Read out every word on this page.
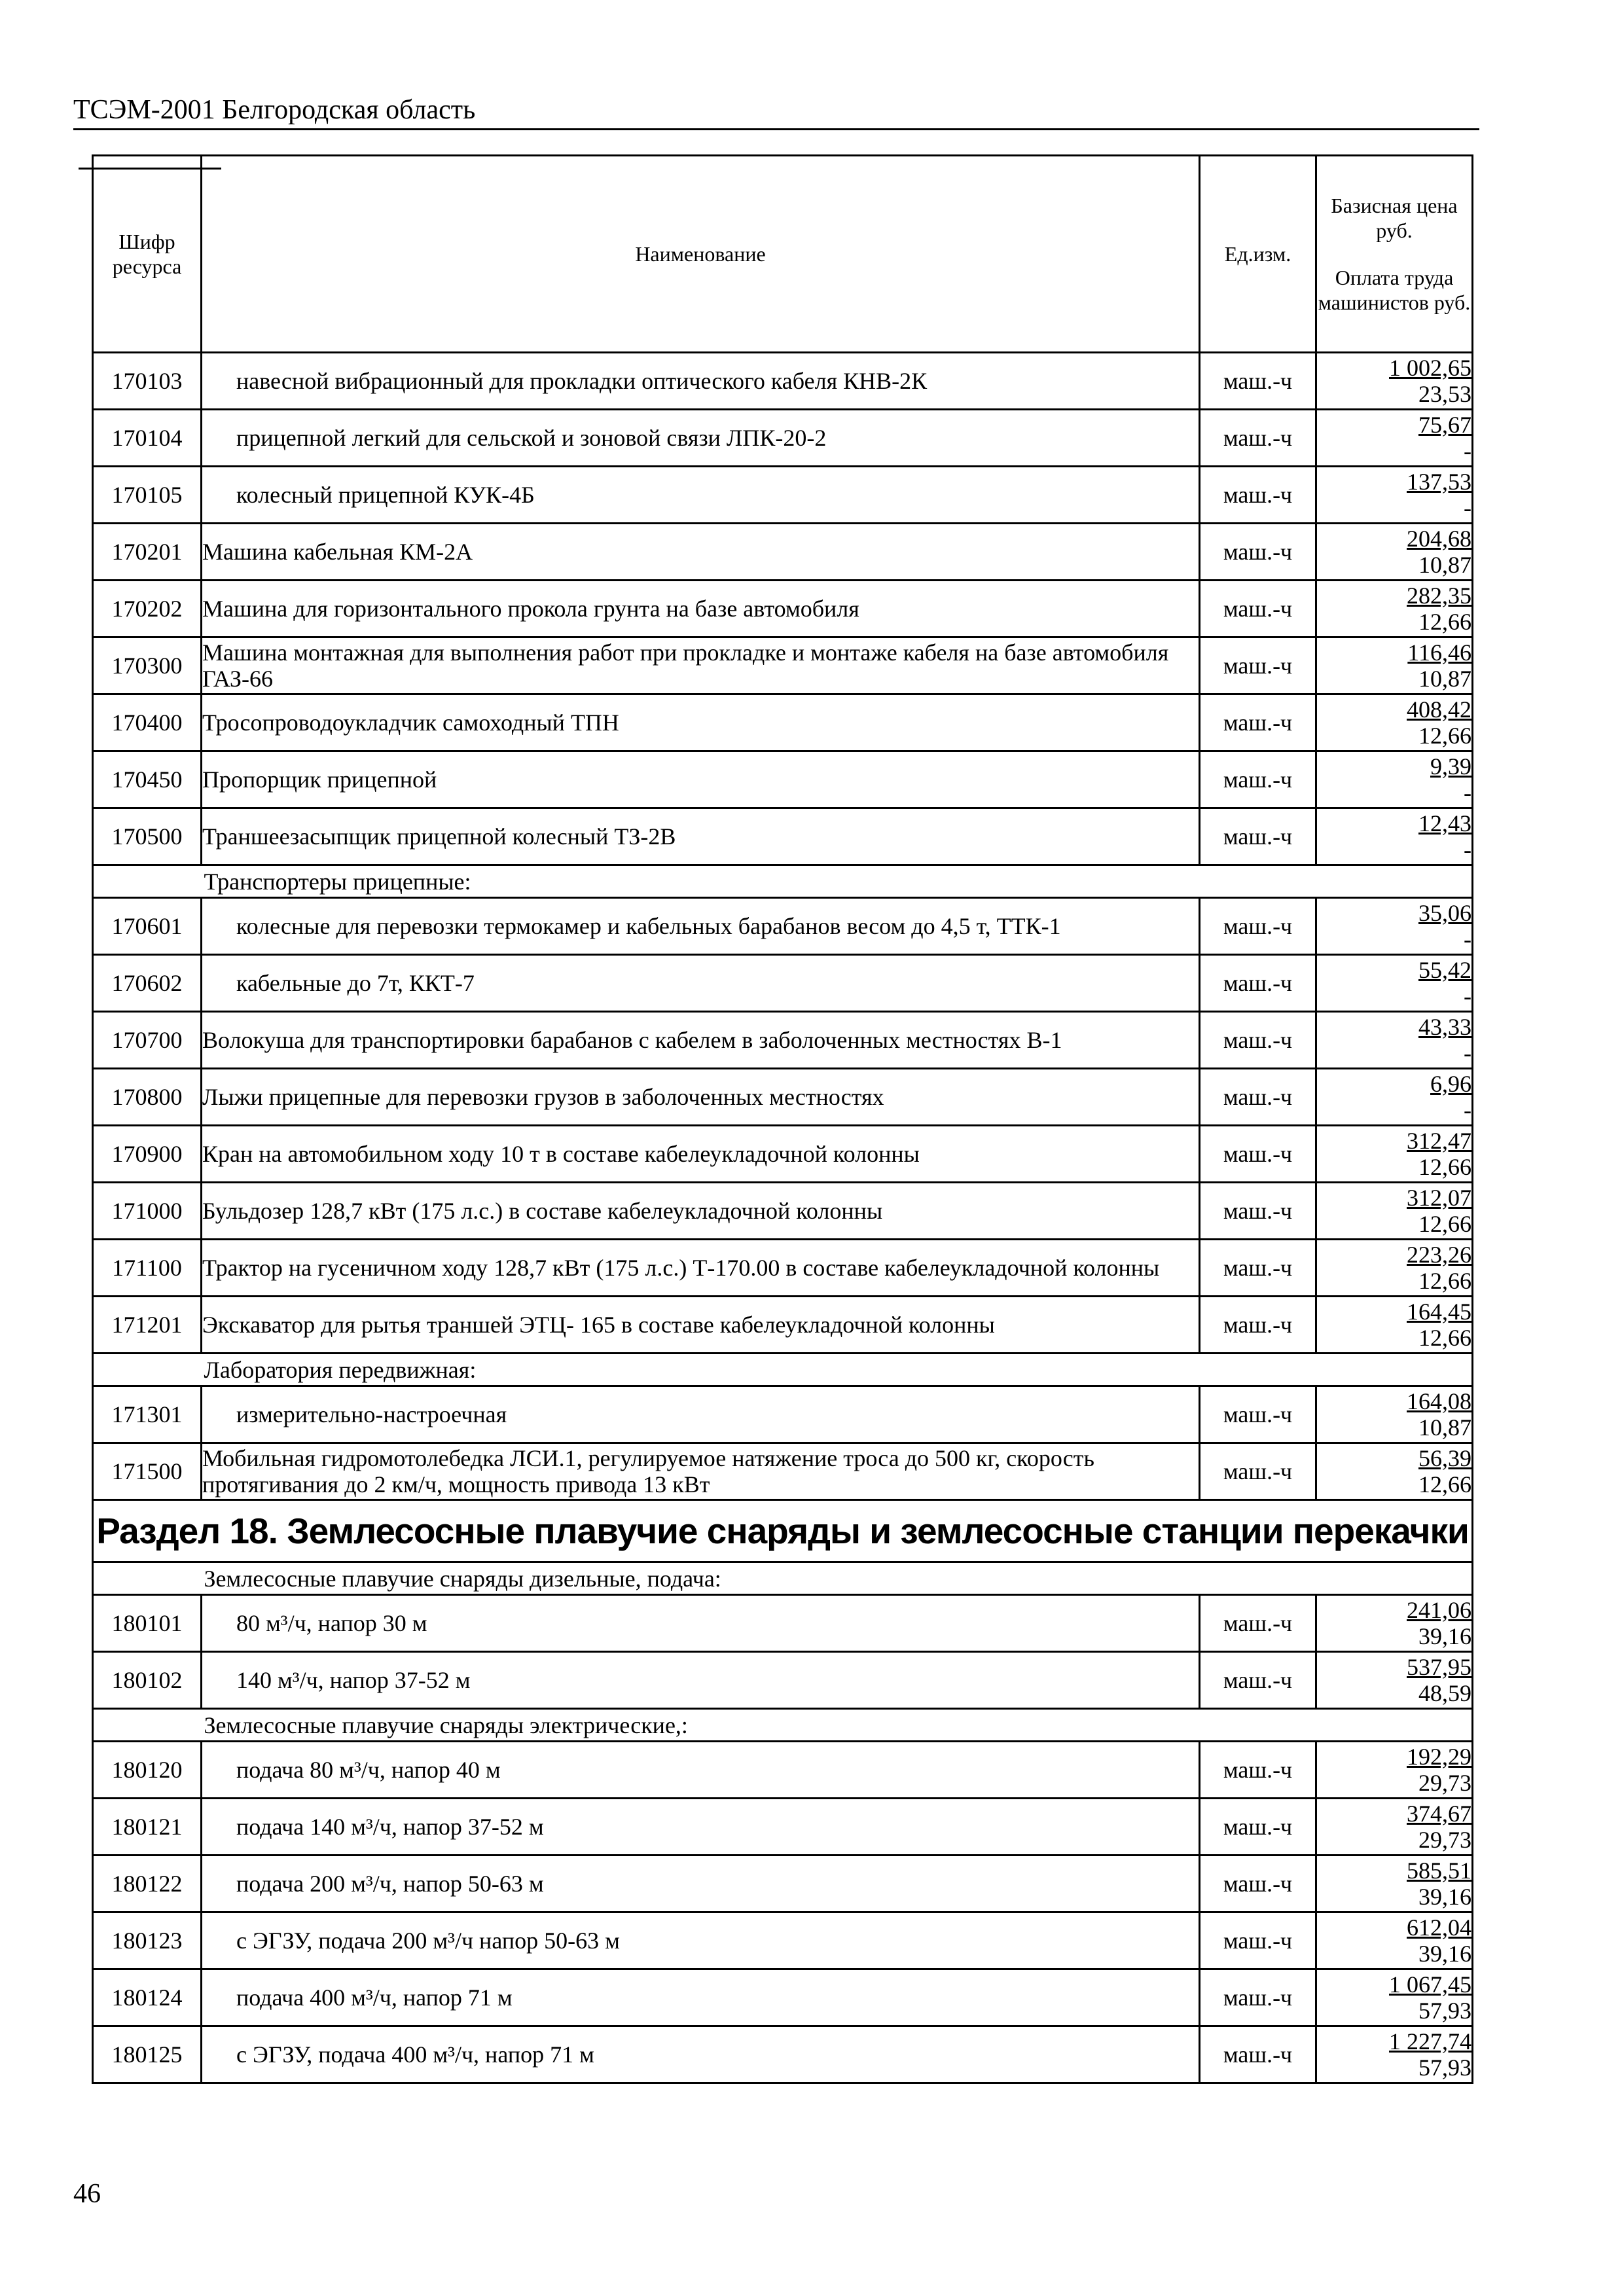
ТСЭМ-2001 Белгородская область
Шифр ресурса	Наименование	Ед.изм.	Базисная цена руб.
Оплата труда машинистов руб.

170103	навесной вибрационный для прокладки оптического кабеля КНВ-2К	маш.-ч	1 002,65
23,53

170104	прицепной легкий для сельской и зоновой связи ЛПК-20-2	маш.-ч	75,67
-

170105	колесный прицепной КУК-4Б	маш.-ч	137,53
-

170201	Машина кабельная КМ-2А	маш.-ч	204,68
10,87

170202	Машина для горизонтального прокола грунта на базе автомобиля	маш.-ч	282,35
12,66

170300	Машина монтажная для выполнения работ при прокладке и монтаже кабеля на базе автомобиля ГАЗ-66	маш.-ч	116,46
10,87

170400	Тросопроводоукладчик самоходный ТПН	маш.-ч	408,42
12,66

170450	Пропорщик прицепной	маш.-ч	9,39
-

170500	Траншеезасыпщик прицепной колесный ТЗ-2В	маш.-ч	12,43
-

	Транспортеры прицепные:		
170601	колесные для перевозки термокамер и кабельных барабанов весом до 4,5 т, ТТК-1	маш.-ч	35,06
-

170602	кабельные до 7т, ККТ-7	маш.-ч	55,42
-

170700	Волокуша для транспортировки барабанов с кабелем в заболоченных местностях В-1	маш.-ч	43,33
-

170800	Лыжи прицепные для перевозки грузов в заболоченных местностях	маш.-ч	6,96
-

170900	Кран на автомобильном ходу 10 т в составе кабелеукладочной колонны	маш.-ч	312,47
12,66

171000	Бульдозер 128,7 кВт (175 л.с.) в составе кабелеукладочной колонны	маш.-ч	312,07
12,66

171100	Трактор на гусеничном ходу 128,7 кВт (175 л.с.) Т-170.00 в составе кабелеукладочной колонны	маш.-ч	223,26
12,66

171201	Экскаватор для рытья траншей ЭТЦ- 165 в составе кабелеукладочной колонны	маш.-ч	164,45
12,66

	Лаборатория передвижная:		
171301	измерительно-настроечная	маш.-ч	164,08
10,87

171500	Мобильная гидромотолебедка ЛСИ.1, регулируемое натяжение троса до 500 кг, скорость протягивания до 2 км/ч, мощность привода 13 кВт	маш.-ч	56,39
12,66

Раздел 18. Землесосные плавучие снаряды и землесосные станции перекачки			
	Землесосные плавучие снаряды дизельные, подача:		
180101	80 м³/ч, напор 30 м	маш.-ч	241,06
39,16

180102	140 м³/ч, напор 37-52 м	маш.-ч	537,95
48,59

	Землесосные плавучие снаряды электрические,:		
180120	подача 80 м³/ч, напор 40 м	маш.-ч	192,29
29,73

180121	подача 140 м³/ч, напор 37-52 м	маш.-ч	374,67
29,73

180122	подача 200 м³/ч, напор 50-63 м	маш.-ч	585,51
39,16

180123	с ЭГЗУ, подача 200 м³/ч напор 50-63 м	маш.-ч	612,04
39,16

180124	подача 400 м³/ч, напор 71 м	маш.-ч	1 067,45
57,93

180125	с ЭГЗУ, подача 400 м³/ч, напор 71 м	маш.-ч	1 227,74
57,93
46
